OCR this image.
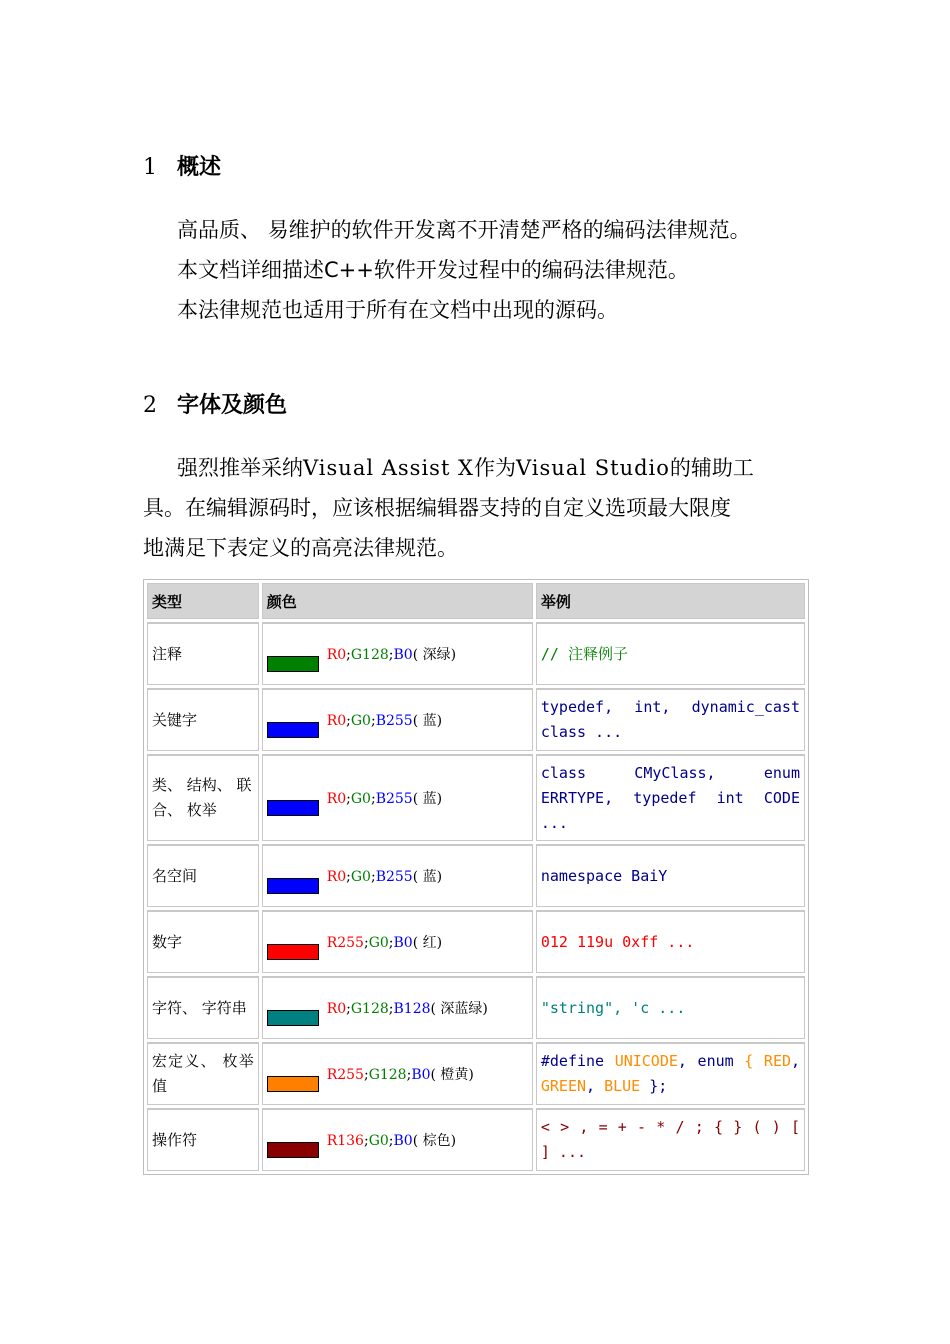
1 概述
高品质、 易维护的软件开发离不开清楚严格的编码法律规范。
本文档详细描述C++软件开发过程中的编码法律规范。
本法律规范也适用于所有在文档中出现的源码。
2 字体及颜色
强烈推举采纳Visual Assist X作为Visual Studio的辅助工
具。在编辑源码时，应该根据编辑器支持的自定义选项最大限度
地满足下表定义的高亮法律规范。
类型	颜色	举例
注释	R0;G128;B0( 深绿)	// 注释例子
关键字	R0;G0;B255( 蓝)	typedef, int, dynamic_cast class ...
类、 结构、 联合、 枚举	R0;G0;B255( 蓝)	class CMyClass, enum ERRTYPE, typedef int CODE ...
名空间	R0;G0;B255( 蓝)	namespace BaiY
数字	R255;G0;B0( 红)	012 119u 0xff ...
字符、 字符串	R0;G128;B128( 深蓝绿)	"string", 'c ...
宏定义、 枚举值	R255;G128;B0( 橙黄)	#define UNICODE, enum { RED, GREEN, BLUE };
操作符	R136;G0;B0( 棕色)	< > , = + - * / ; { } ( ) [ ] ...
